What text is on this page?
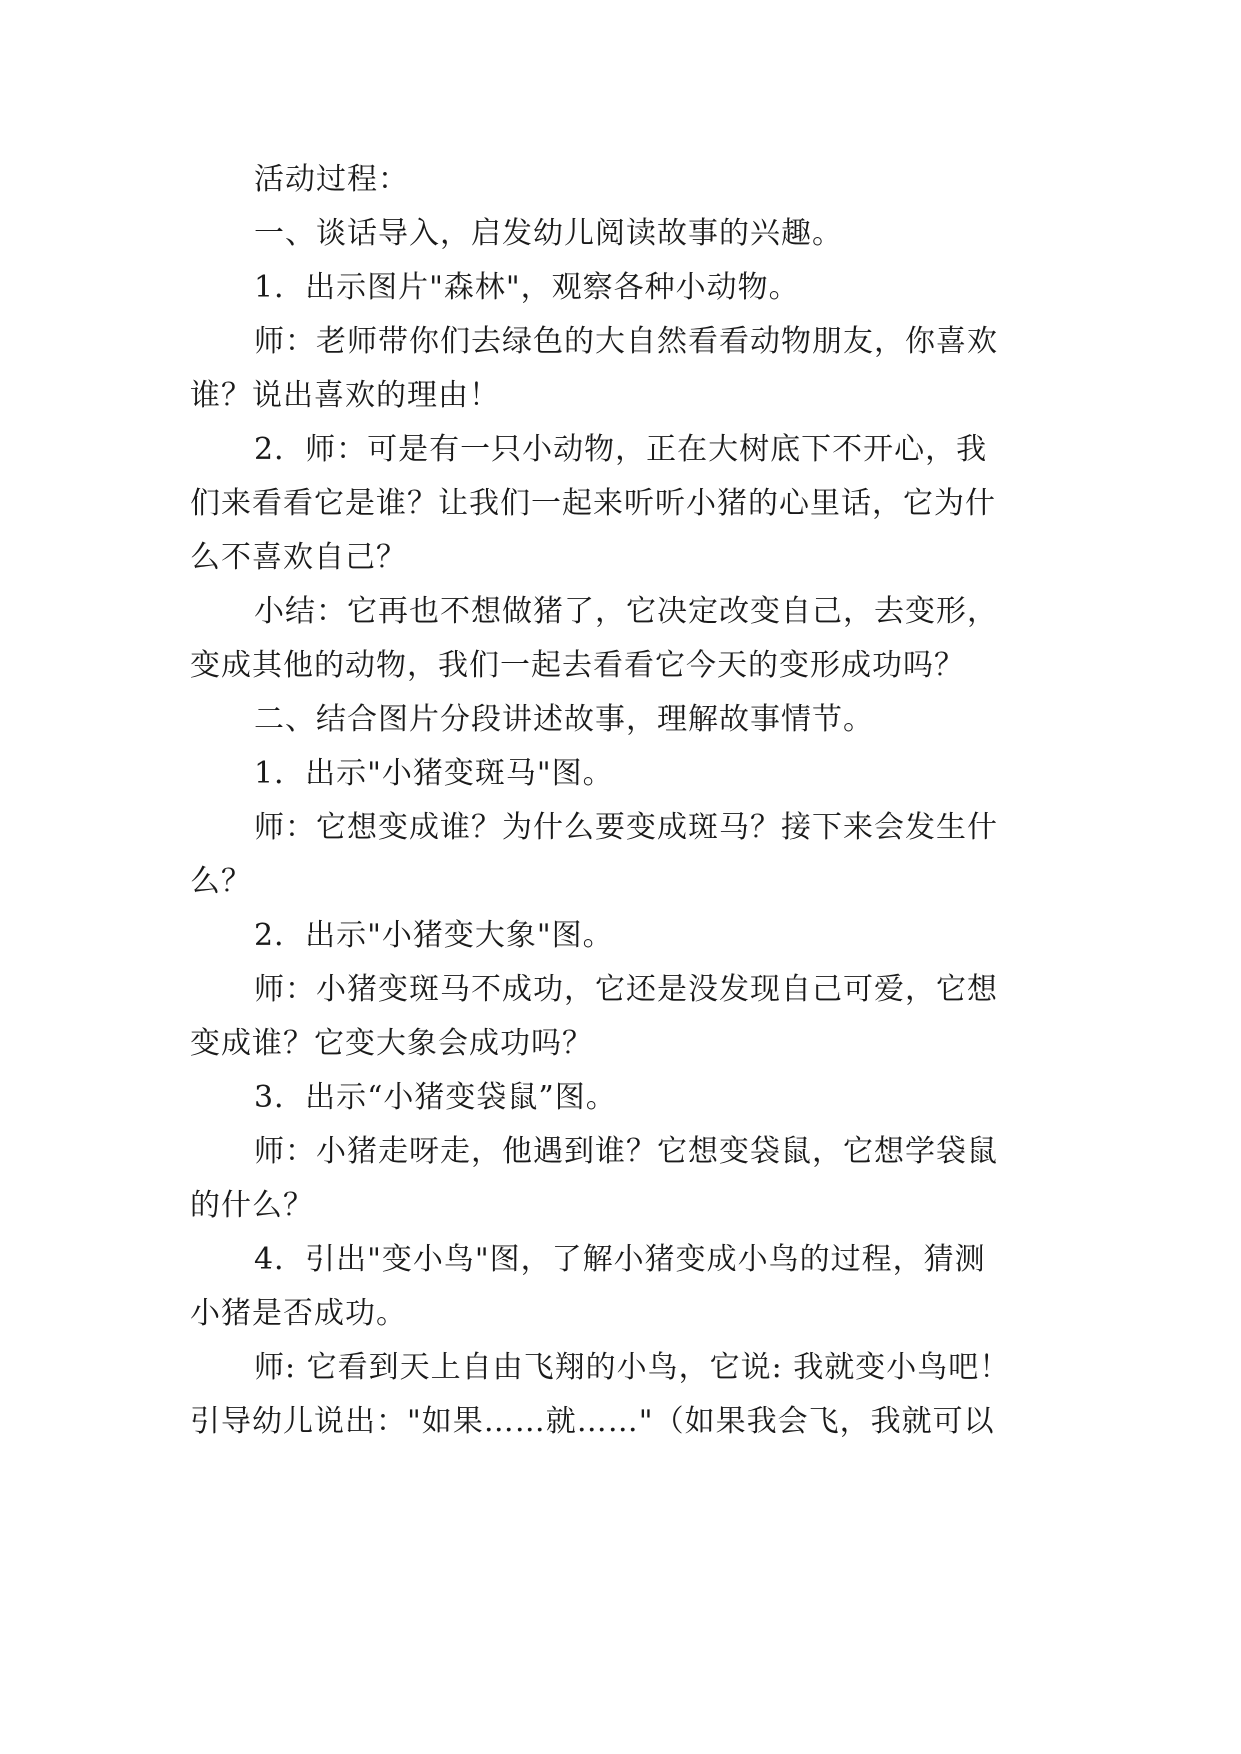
活动过程：
一、谈话导入，启发幼儿阅读故事的兴趣。
1．出示图片"森林"，观察各种小动物。
师：老师带你们去绿色的大自然看看动物朋友，你喜欢
谁？说出喜欢的理由！
2．师：可是有一只小动物，正在大树底下不开心，我
们来看看它是谁？让我们一起来听听小猪的心里话，它为什
么不喜欢自己？
小结：它再也不想做猪了，它决定改变自己，去变形，
变成其他的动物，我们一起去看看它今天的变形成功吗？
二、结合图片分段讲述故事，理解故事情节。
1．出示"小猪变斑马"图。
师：它想变成谁？为什么要变成斑马？接下来会发生什
么？
2．出示"小猪变大象"图。
师：小猪变斑马不成功，它还是没发现自己可爱，它想
变成谁？它变大象会成功吗？
3．出示“小猪变袋鼠”图。
师：小猪走呀走，他遇到谁？它想变袋鼠，它想学袋鼠
的什么？
4．引出"变小鸟"图，了解小猪变成小鸟的过程，猜测
小猪是否成功。
师: 它看到天上自由飞翔的小鸟，它说: 我就变小鸟吧！
引导幼儿说出："如果……就……"（如果我会飞，我就可以
